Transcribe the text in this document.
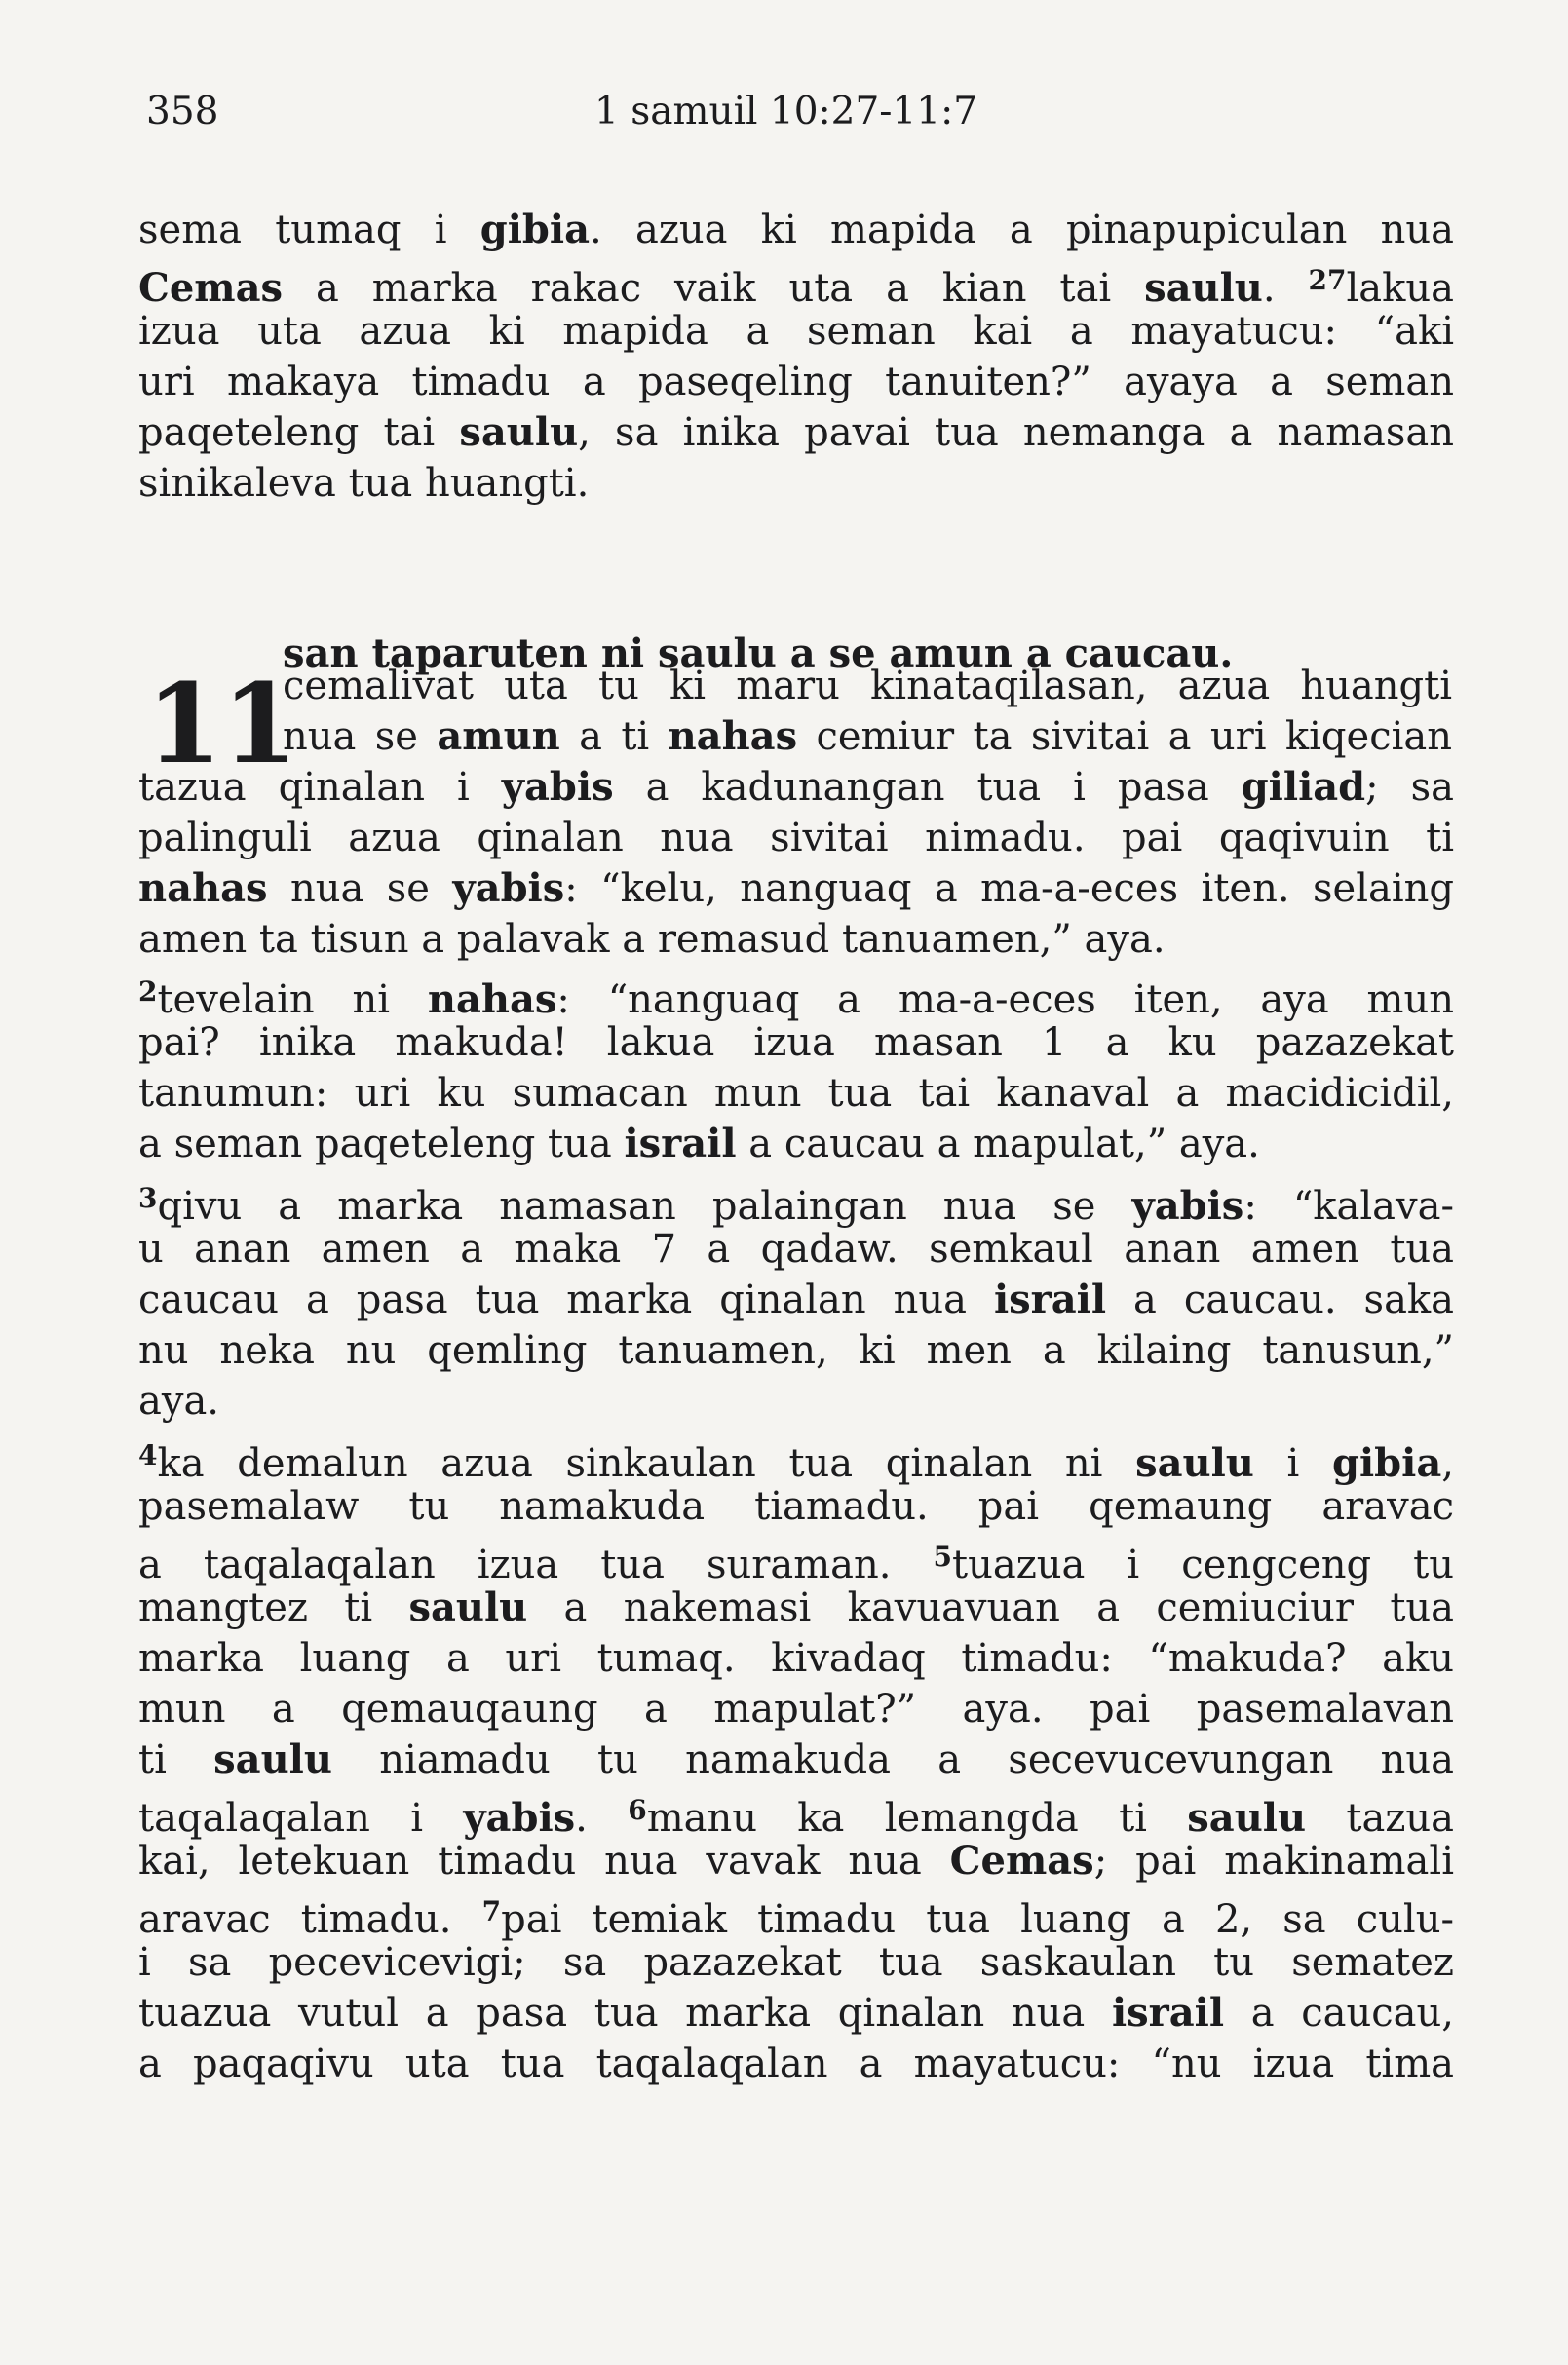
358	1 samuil 10:27-11:7
sema tumaq i gibia. azua ki mapida a pinapupiculan nua
Cemas a marka rakac vaik uta a kian tai saulu. $^{27}$lakua
izua uta azua ki mapida a seman kai a mayatucu: “aki
uri makaya timadu a paseqeling tanuiten?” ayaya a seman
paqeteleng tai saulu, sa inika pavai tua nemanga a namasan
sinikaleva tua huangti.
cemalivat uta tu ki maru kinataqilasan, azua huangti
nua se amun a ti nahas cemiur ta sivitai a uri kiqecian
tazua qinalan i yabis a kadunangan tua i pasa giliad; sa
palinguli azua qinalan nua sivitai nimadu. pai qaqivuin ti
nahas nua se yabis: “kelu, nanguaq a ma-a-eces iten. selaing
amen ta tisun a palavak a remasud tanuamen,” aya.
$^2$tevelain ni nahas: “nanguaq a ma-a-eces iten, aya mun
pai? inika makuda! lakua izua masan 1 a ku pazazekat
tanumun: uri ku sumacan mun tua tai kanaval a macidicidil,
a seman paqeteleng tua israil a caucau a mapulat,” aya.
$^3$qivu a marka namasan palaingan nua se yabis: “kalava-
u anan amen a maka 7 a qadaw. semkaul anan amen tua
caucau a pasa tua marka qinalan nua israil a caucau. saka
nu neka nu qemling tanuamen, ki men a kilaing tanusun,”
aya.
$^4$ka demalun azua sinkaulan tua qinalan ni saulu i gibia,
pasemalaw tu namakuda tiamadu. pai qemaung aravac
a taqalaqalan izua tua suraman. $^5$tuazua i cengceng tu
mangtez ti saulu a nakemasi kavuavuan a cemiuciur tua
marka luang a uri tumaq. kivadaq timadu: “makuda? aku
mun a qemauqaung a mapulat?” aya. pai pasemalavan
ti saulu niamadu tu namakuda a secevucevungan nua
taqalaqalan i yabis. $^6$manu ka lemangda ti saulu tazua
kai, letekuan timadu nua vavak nua Cemas; pai makinamali
aravac timadu. $^7$pai temiak timadu tua luang a 2, sa culu-
i sa pecevicevigi; sa pazazekat tua saskaulan tu sematez
tuazua vutul a pasa tua marka qinalan nua israil a caucau,
a paqaqivu uta tua taqalaqalan a mayatucu: “nu izua tima
san taparuten ni saulu a se amun a caucau.
11
